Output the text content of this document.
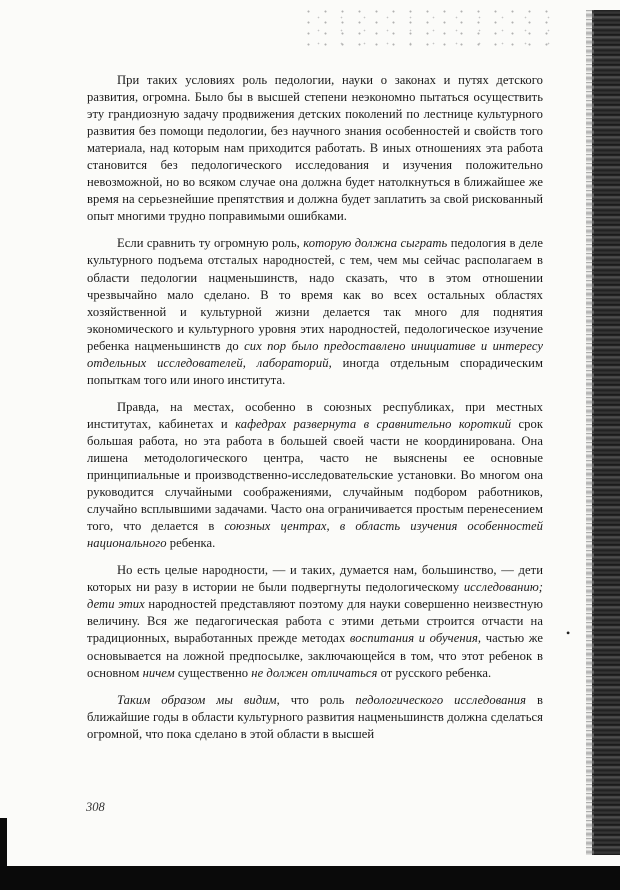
При таких условиях роль педологии, науки о законах и путях детского развития, огромна. Было бы в высшей степени неэкономно пытаться осуществить эту грандиозную задачу продвижения детских поколений по лестнице культурного развития без помощи педологии, без научного знания особенностей и свойств того материала, над которым нам приходится работать. В иных отношениях эта работа становится без педологического исследования и изучения положительно невозможной, но во всяком случае она должна будет натолкнуться в ближайшее же время на серьезнейшие препятствия и должна будет заплатить за свой рискованный опыт многими трудно поправимыми ошибками.

Если сравнить ту огромную роль, которую должна сыграть педология в деле культурного подъема отсталых народностей, с тем, чем мы сейчас располагаем в области педологии нацменьшинств, надо сказать, что в этом отношении чрезвычайно мало сделано. В то время как во всех остальных областях хозяйственной и культурной жизни делается так много для поднятия экономического и культурного уровня этих народностей, педологическое изучение ребенка нацменьшинств до сих пор было предоставлено инициативе и интересу отдельных исследователей, лабораторий, иногда отдельным спорадическим попыткам того или иного института.

Правда, на местах, особенно в союзных республиках, при местных институтах, кабинетах и кафедрах развернута в сравнительно короткий срок большая работа, но эта работа в большей своей части не координирована. Она лишена методологического центра, часто не выяснены ее основные принципиальные и производственно-исследовательские установки. Во многом она руководится случайными соображениями, случайным подбором работников, случайно всплывшими задачами. Часто она ограничивается простым перенесением того, что делается в союзных центрах, в область изучения особенностей национального ребенка.

Но есть целые народности, — и таких, думается нам, большинство, — дети которых ни разу в истории не были подвергнуты педологическому исследованию; дети этих народностей представляют поэтому для науки совершенно неизвестную величину. Вся же педагогическая работа с этими детьми строится отчасти на традиционных, выработанных прежде методах воспитания и обучения, частью же основывается на ложной предпосылке, заключающейся в том, что этот ребенок в основном ничем существенно не должен отличаться от русского ребенка.

Таким образом мы видим, что роль педологического исследования в ближайшие годы в области культурного развития нацменьшинств должна сделаться огромной, что пока сделано в этой области в высшей

•
308
